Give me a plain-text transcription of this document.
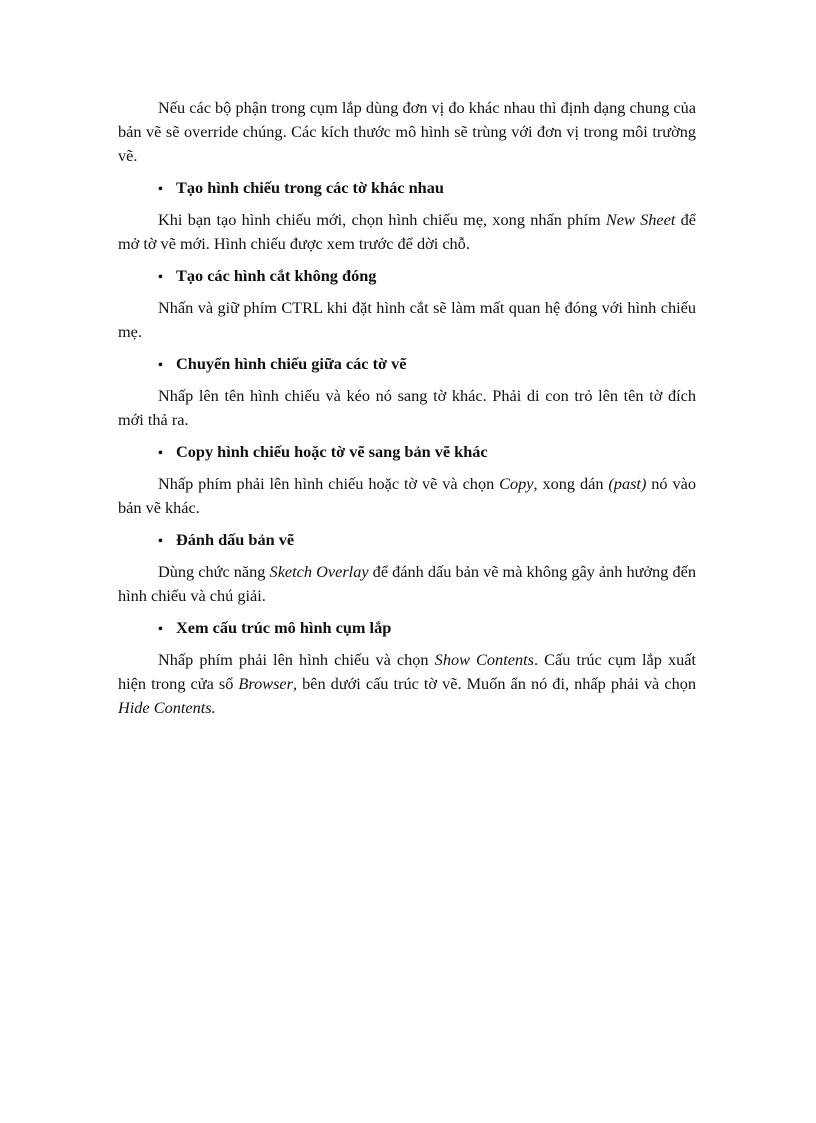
Nếu các bộ phận trong cụm lắp dùng đơn vị đo khác nhau thì định dạng chung của bản vẽ sẽ override chúng. Các kích thước mô hình sẽ trùng với đơn vị trong môi trường vẽ.

• Tạo hình chiếu trong các tờ khác nhau

Khi bạn tạo hình chiếu mới, chọn hình chiếu mẹ, xong nhấn phím New Sheet để mở tờ vẽ mới. Hình chiếu được xem trước để dời chỗ.

• Tạo các hình cắt không đóng

Nhấn và giữ phím CTRL khi đặt hình cắt sẽ làm mất quan hệ đóng với hình chiếu mẹ.

• Chuyển hình chiếu giữa các tờ vẽ

Nhấp lên tên hình chiếu và kéo nó sang tờ khác. Phải di con trỏ lên tên tờ đích mới thả ra.

• Copy hình chiếu hoặc tờ vẽ sang bản vẽ khác

Nhấp phím phải lên hình chiếu hoặc tờ vẽ và chọn Copy, xong dán (past) nó vào bản vẽ khác.

• Đánh dấu bản vẽ

Dùng chức năng Sketch Overlay để đánh dấu bản vẽ mà không gây ảnh hưởng đến hình chiếu và chú giải.

• Xem cấu trúc mô hình cụm lắp

Nhấp phím phải lên hình chiếu và chọn Show Contents. Cấu trúc cụm lắp xuất hiện trong cửa sổ Browser, bên dưới cấu trúc tờ vẽ. Muốn ẩn nó đi, nhấp phải và chọn Hide Contents.
